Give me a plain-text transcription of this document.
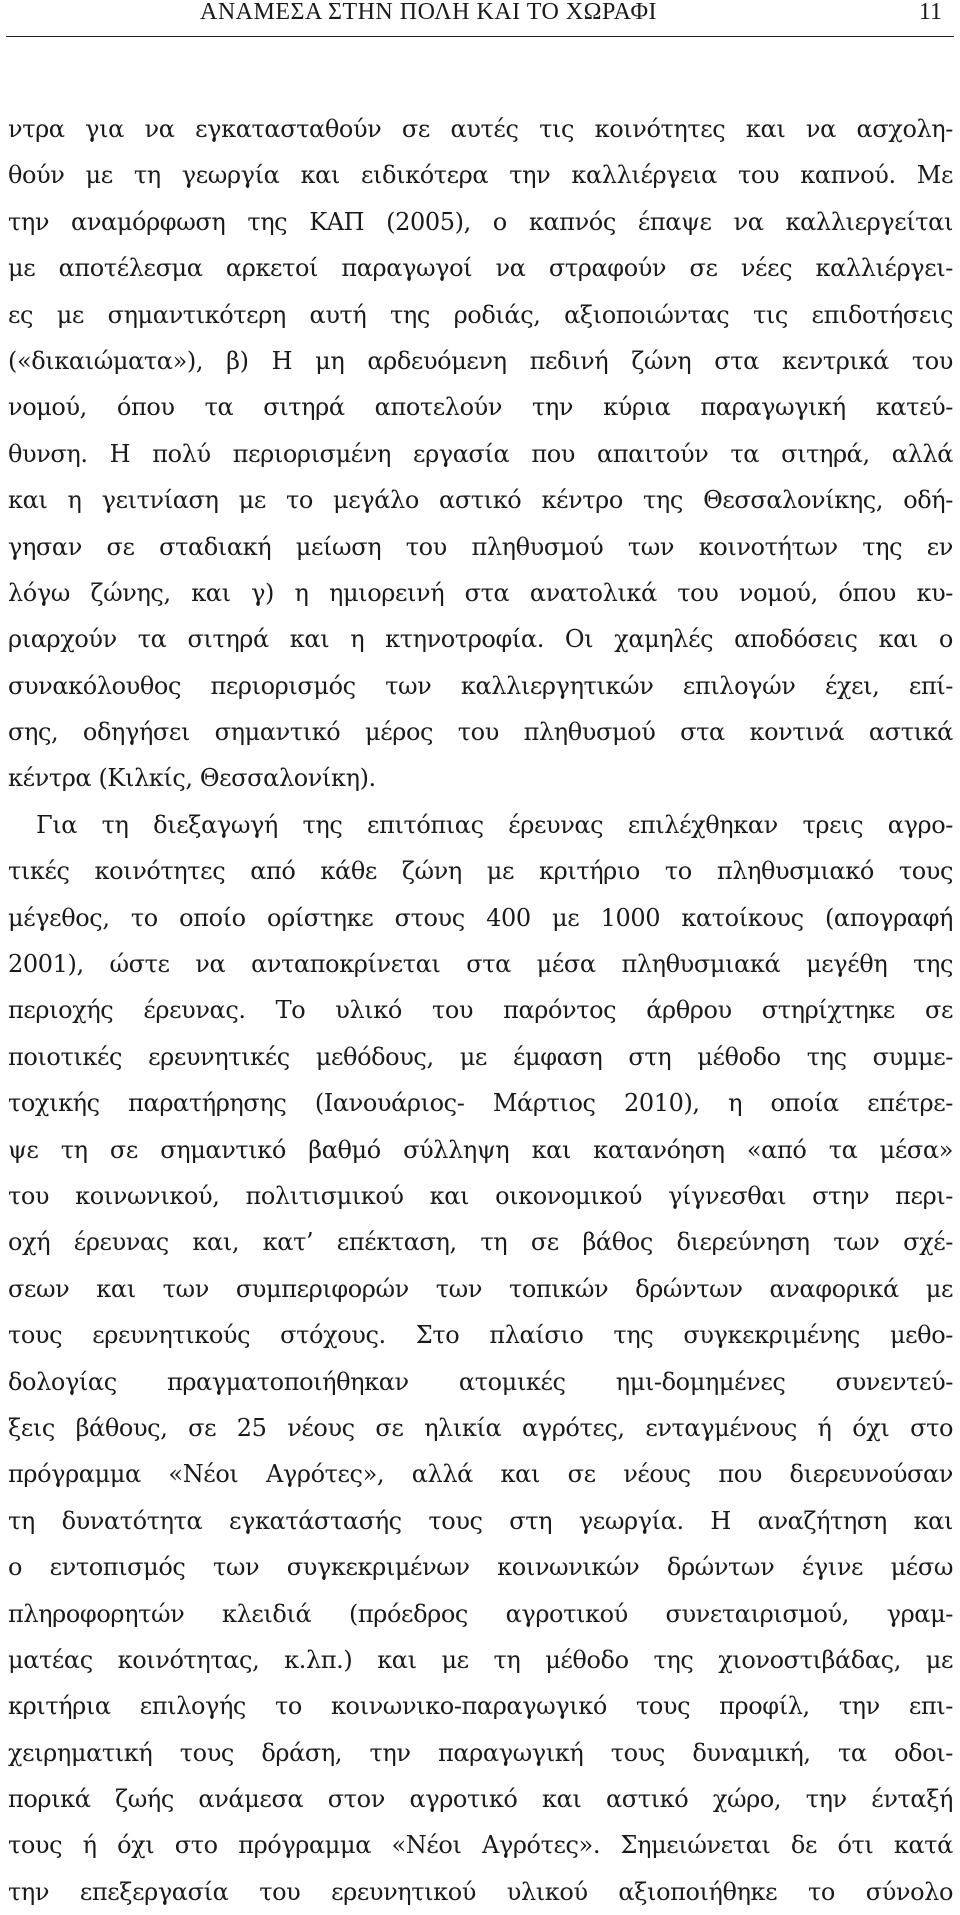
ΑΝΑΜΕΣΑ ΣΤΗΝ ΠΟΛΗ ΚΑΙ ΤΟ ΧΩΡΑΦΙ	11
ντρα για να εγκατασταθούν σε αυτές τις κοινότητες και να ασχολη-
θούν με τη γεωργία και ειδικότερα την καλλιέργεια του καπνού. Με
την αναμόρφωση της ΚΑΠ (2005), ο καπνός έπαψε να καλλιεργείται
με αποτέλεσμα αρκετοί παραγωγοί να στραφούν σε νέες καλλιέργει-
ες με σημαντικότερη αυτή της ροδιάς, αξιοποιώντας τις επιδοτήσεις
(«δικαιώματα»), β) Η μη αρδευόμενη πεδινή ζώνη στα κεντρικά του
νομού, όπου τα σιτηρά αποτελούν την κύρια παραγωγική κατεύ-
θυνση. Η πολύ περιορισμένη εργασία που απαιτούν τα σιτηρά, αλλά
και η γειτνίαση με το μεγάλο αστικό κέντρο της Θεσσαλονίκης, οδή-
γησαν σε σταδιακή μείωση του πληθυσμού των κοινοτήτων της εν
λόγω ζώνης, και γ) η ημιορεινή στα ανατολικά του νομού, όπου κυ-
ριαρχούν τα σιτηρά και η κτηνοτροφία. Οι χαμηλές αποδόσεις και ο
συνακόλουθος περιορισμός των καλλιεργητικών επιλογών έχει, επί-
σης, οδηγήσει σημαντικό μέρος του πληθυσμού στα κοντινά αστικά
κέντρα (Κιλκίς, Θεσσαλονίκη).
Για τη διεξαγωγή της επιτόπιας έρευνας επιλέχθηκαν τρεις αγρο-
τικές κοινότητες από κάθε ζώνη με κριτήριο το πληθυσμιακό τους
μέγεθος, το οποίο ορίστηκε στους 400 με 1000 κατοίκους (απογραφή
2001), ώστε να ανταποκρίνεται στα μέσα πληθυσμιακά μεγέθη της
περιοχής έρευνας. Το υλικό του παρόντος άρθρου στηρίχτηκε σε
ποιοτικές ερευνητικές μεθόδους, με έμφαση στη μέθοδο της συμμε-
τοχικής παρατήρησης (Ιανουάριος- Μάρτιος 2010), η οποία επέτρε-
ψε τη σε σημαντικό βαθμό σύλληψη και κατανόηση «από τα μέσα»
του κοινωνικού, πολιτισμικού και οικονομικού γίγνεσθαι στην περι-
οχή έρευνας και, κατ’ επέκταση, τη σε βάθος διερεύνηση των σχέ-
σεων και των συμπεριφορών των τοπικών δρώντων αναφορικά με
τους ερευνητικούς στόχους. Στο πλαίσιο της συγκεκριμένης μεθο-
δολογίας πραγματοποιήθηκαν ατομικές ημι-δομημένες συνεντεύ-
ξεις βάθους, σε 25 νέους σε ηλικία αγρότες, ενταγμένους ή όχι στο
πρόγραμμα «Νέοι Αγρότες», αλλά και σε νέους που διερευνούσαν
τη δυνατότητα εγκατάστασής τους στη γεωργία. Η αναζήτηση και
ο εντοπισμός των συγκεκριμένων κοινωνικών δρώντων έγινε μέσω
πληροφορητών κλειδιά (πρόεδρος αγροτικού συνεταιρισμού, γραμ-
ματέας κοινότητας, κ.λπ.) και με τη μέθοδο της χιονοστιβάδας, με
κριτήρια επιλογής το κοινωνικο-παραγωγικό τους προφίλ, την επι-
χειρηματική τους δράση, την παραγωγική τους δυναμική, τα οδοι-
πορικά ζωής ανάμεσα στον αγροτικό και αστικό χώρο, την ένταξή
τους ή όχι στο πρόγραμμα «Νέοι Αγρότες». Σημειώνεται δε ότι κατά
την επεξεργασία του ερευνητικού υλικού αξιοποιήθηκε το σύνολο
